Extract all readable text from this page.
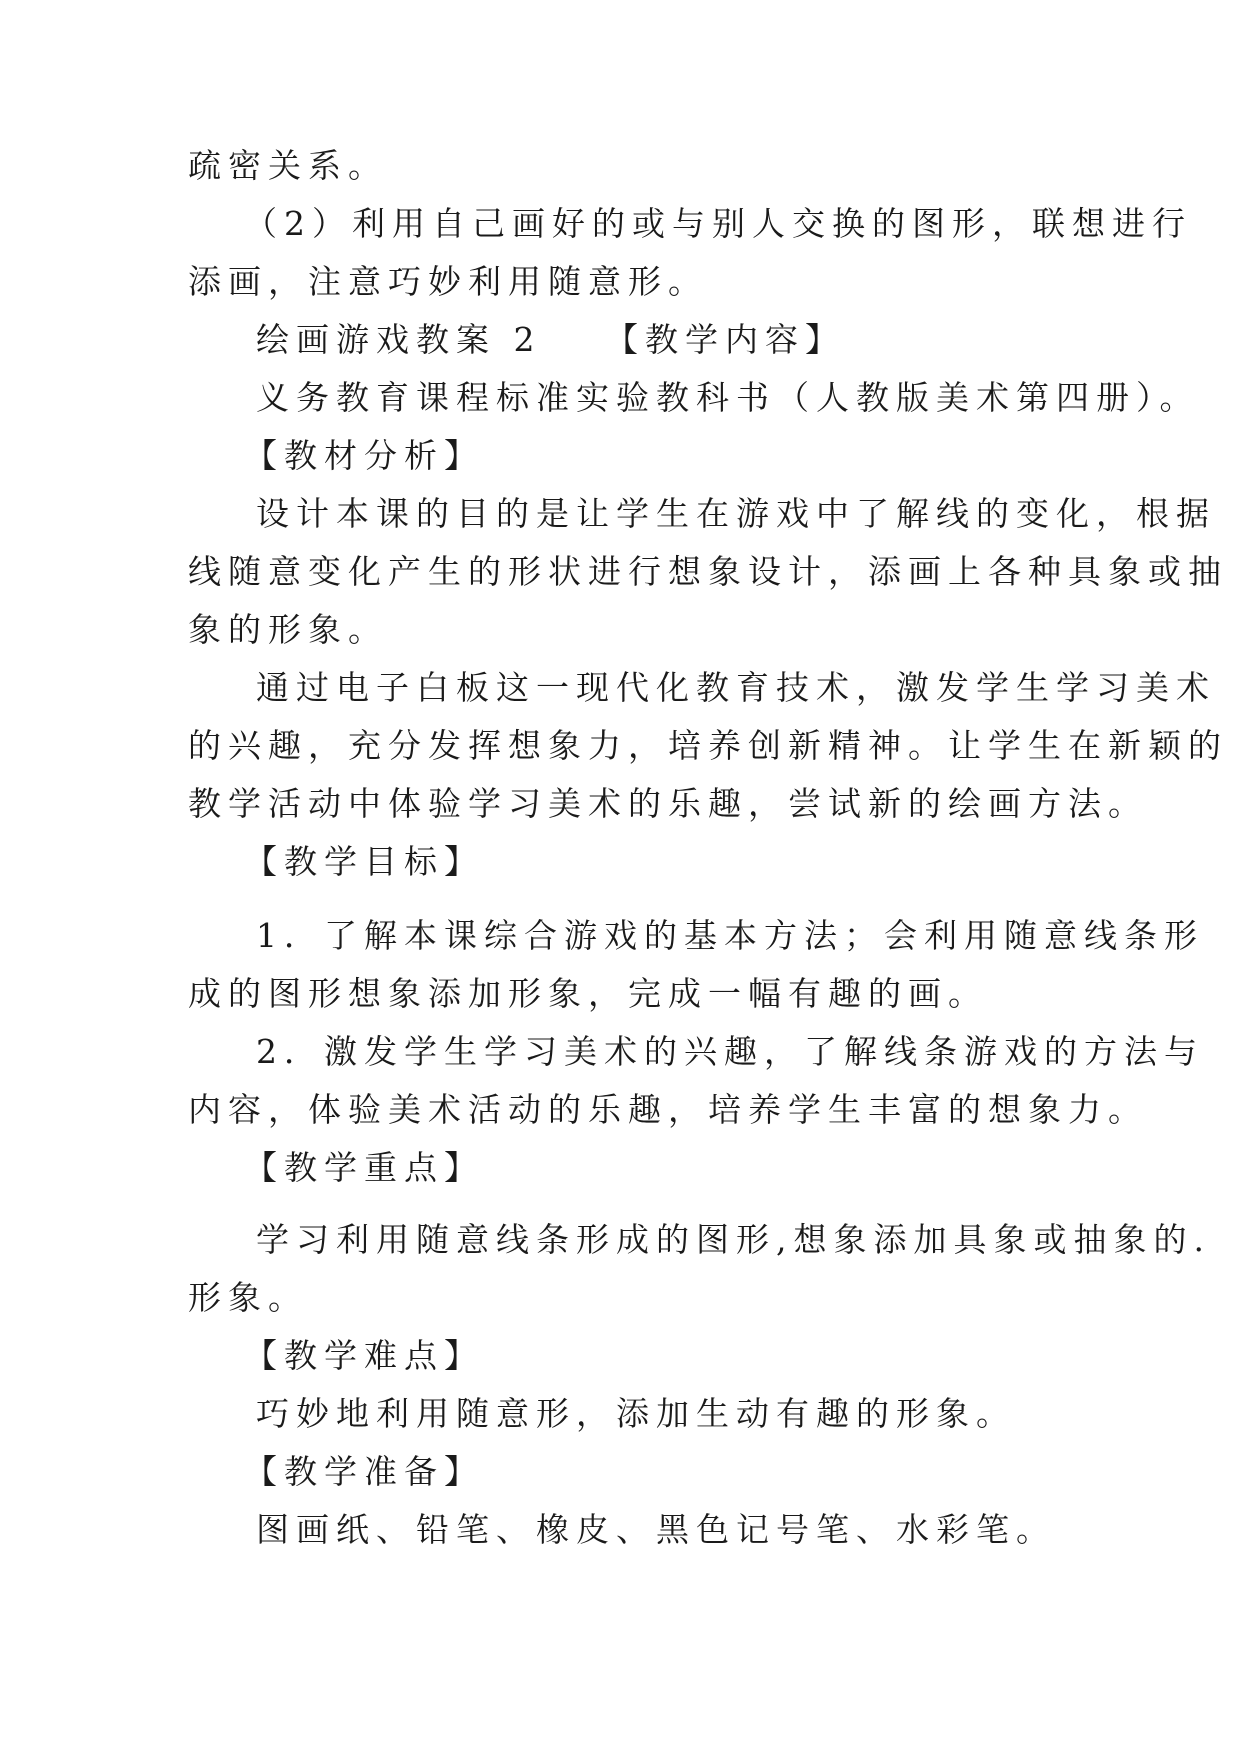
疏密关系。
（2）利用自己画好的或与别人交换的图形，联想进行
添画，注意巧妙利用随意形。
绘画游戏教案 2　　【教学内容】
义务教育课程标准实验教科书（人教版美术第四册）。
【教材分析】
设计本课的目的是让学生在游戏中了解线的变化，根据
线随意变化产生的形状进行想象设计，添画上各种具象或抽
象的形象。
通过电子白板这一现代化教育技术，激发学生学习美术
的兴趣，充分发挥想象力，培养创新精神。让学生在新颖的
教学活动中体验学习美术的乐趣，尝试新的绘画方法。
【教学目标】
1．了解本课综合游戏的基本方法；会利用随意线条形
成的图形想象添加形象，完成一幅有趣的画。
2．激发学生学习美术的兴趣，了解线条游戏的方法与
内容，体验美术活动的乐趣，培养学生丰富的想象力。
【教学重点】
学习利用随意线条形成的图形,想象添加具象或抽象的.
形象。
【教学难点】
巧妙地利用随意形，添加生动有趣的形象。
【教学准备】
图画纸、铅笔、橡皮、黑色记号笔、水彩笔。
